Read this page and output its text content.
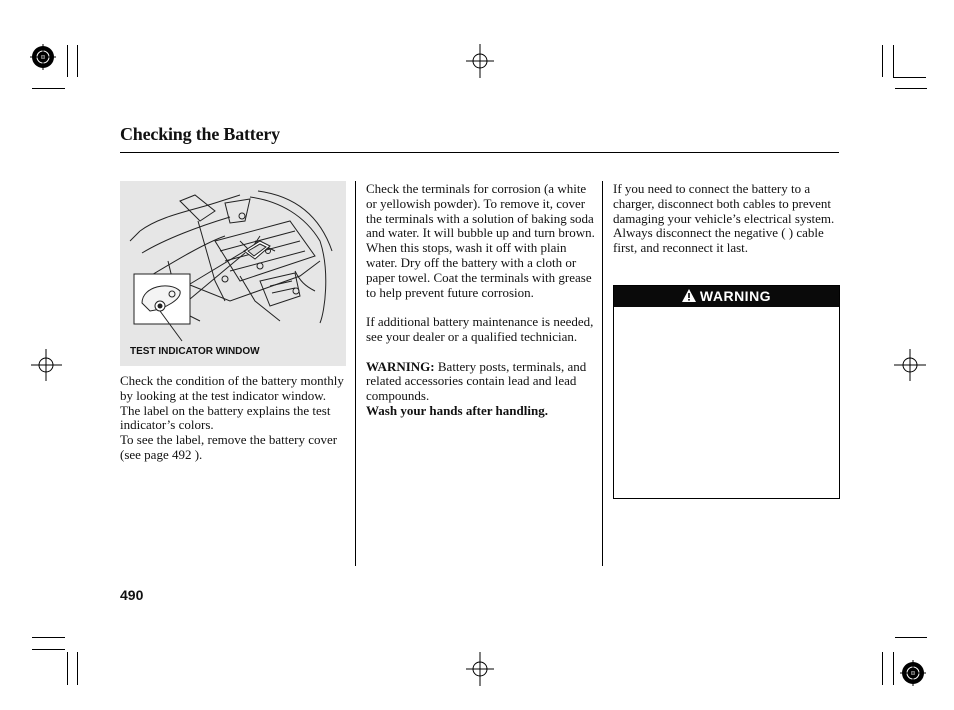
Checking the Battery
TEST INDICATOR WINDOW

Check the condition of the battery monthly by looking at the test indicator window. The label on the battery explains the test indicator’s colors.

To see the label, remove the battery cover (see page 492 ).

Check the terminals for corrosion (a white or yellowish powder). To remove it, cover the terminals with a solution of baking soda and water. It will bubble up and turn brown. When this stops, wash it off with plain water. Dry off the battery with a cloth or paper towel. Coat the terminals with grease to help prevent future corrosion.

If additional battery maintenance is needed, see your dealer or a qualified technician.

WARNING: Battery posts, terminals, and related accessories contain lead and lead compounds.

Wash your hands after handling.

If you need to connect the battery to a charger, disconnect both cables to prevent damaging your vehicle’s electrical system. Always disconnect the negative ( ) cable first, and reconnect it last.

WARNING
490
